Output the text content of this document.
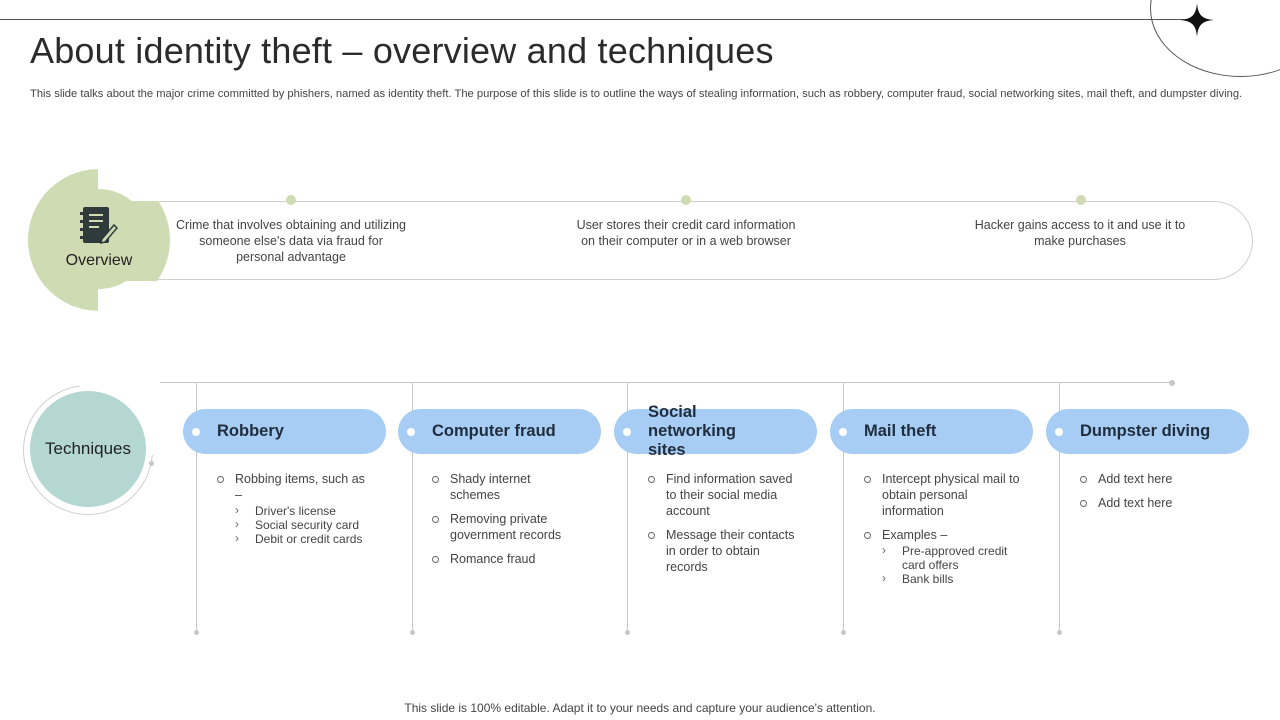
About identity theft – overview and techniques
This slide talks about the major crime committed by phishers, named as identity theft. The purpose of this slide is to outline the ways of stealing information, such as robbery, computer fraud, social networking sites, mail theft, and dumpster diving.
Overview
Crime that involves obtaining and utilizing someone else's data via fraud for personal advantage
User stores their credit card information on their computer or in a web browser
Hacker gains access to it and use it to make purchases
Techniques
Robbery	Computer fraud
Social networking sites
Mail theft	Dumpster diving
Robbing items, such as –
› Driver's license
› Social security card
› Debit or credit cards
Shady internet schemes
Removing private government records
Romance fraud
Find information saved to their social media account
Message their contacts in order to obtain records
Intercept physical mail to obtain personal information
Examples –
› Pre-approved credit card offers
› Bank bills
Add text here
Add text here
This slide is 100% editable. Adapt it to your needs and capture your audience's attention.
